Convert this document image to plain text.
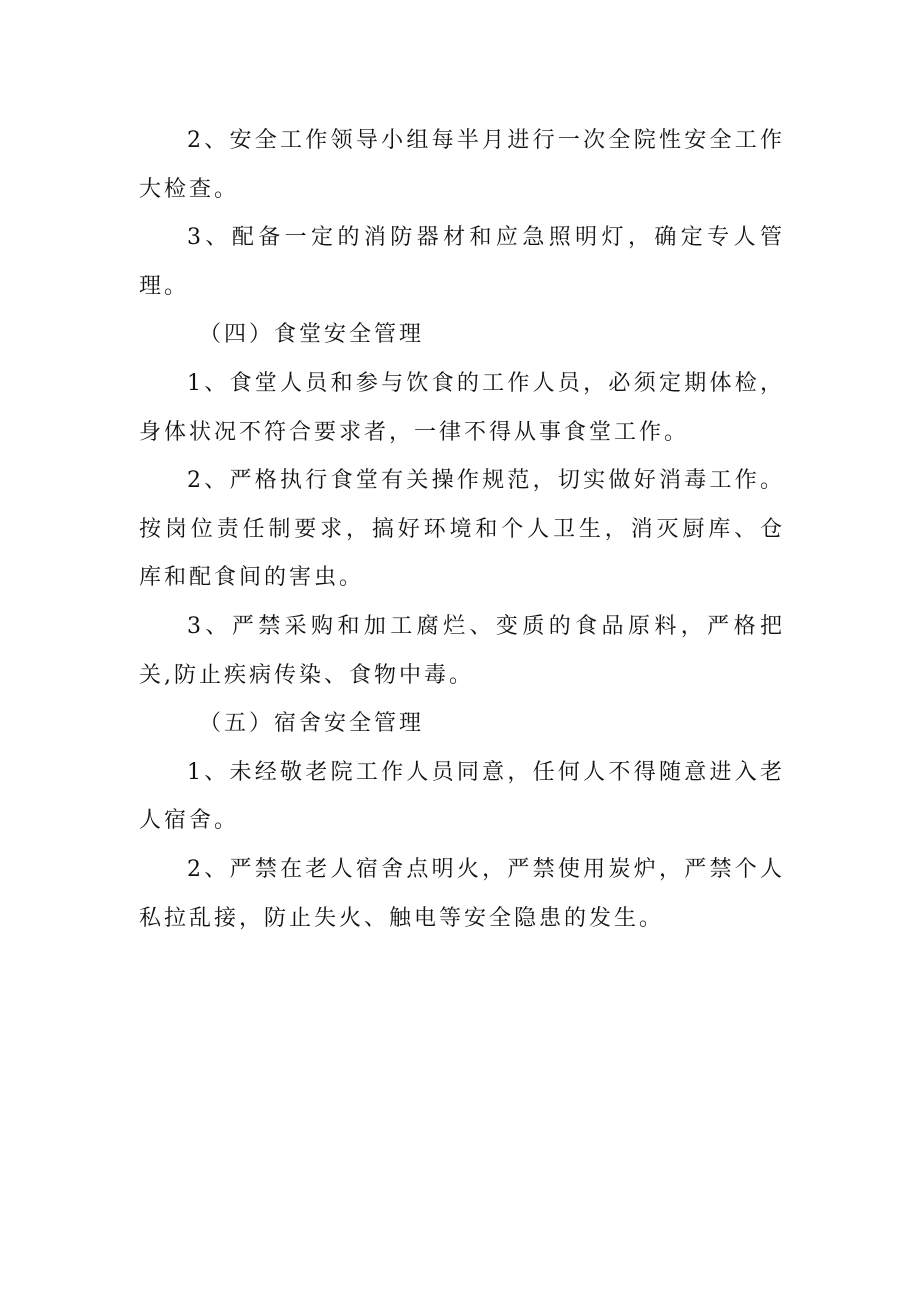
2、安全工作领导小组每半月进行一次全院性安全工作大检查。

3、配备一定的消防器材和应急照明灯，确定专人管理。

（四）食堂安全管理

1、食堂人员和参与饮食的工作人员，必须定期体检，身体状况不符合要求者，一律不得从事食堂工作。

2、严格执行食堂有关操作规范，切实做好消毒工作。按岗位责任制要求，搞好环境和个人卫生，消灭厨库、仓库和配食间的害虫。

3、严禁采购和加工腐烂、变质的食品原料，严格把关,防止疾病传染、食物中毒。

（五）宿舍安全管理

1、未经敬老院工作人员同意，任何人不得随意进入老人宿舍。

2、严禁在老人宿舍点明火，严禁使用炭炉，严禁个人私拉乱接，防止失火、触电等安全隐患的发生。
